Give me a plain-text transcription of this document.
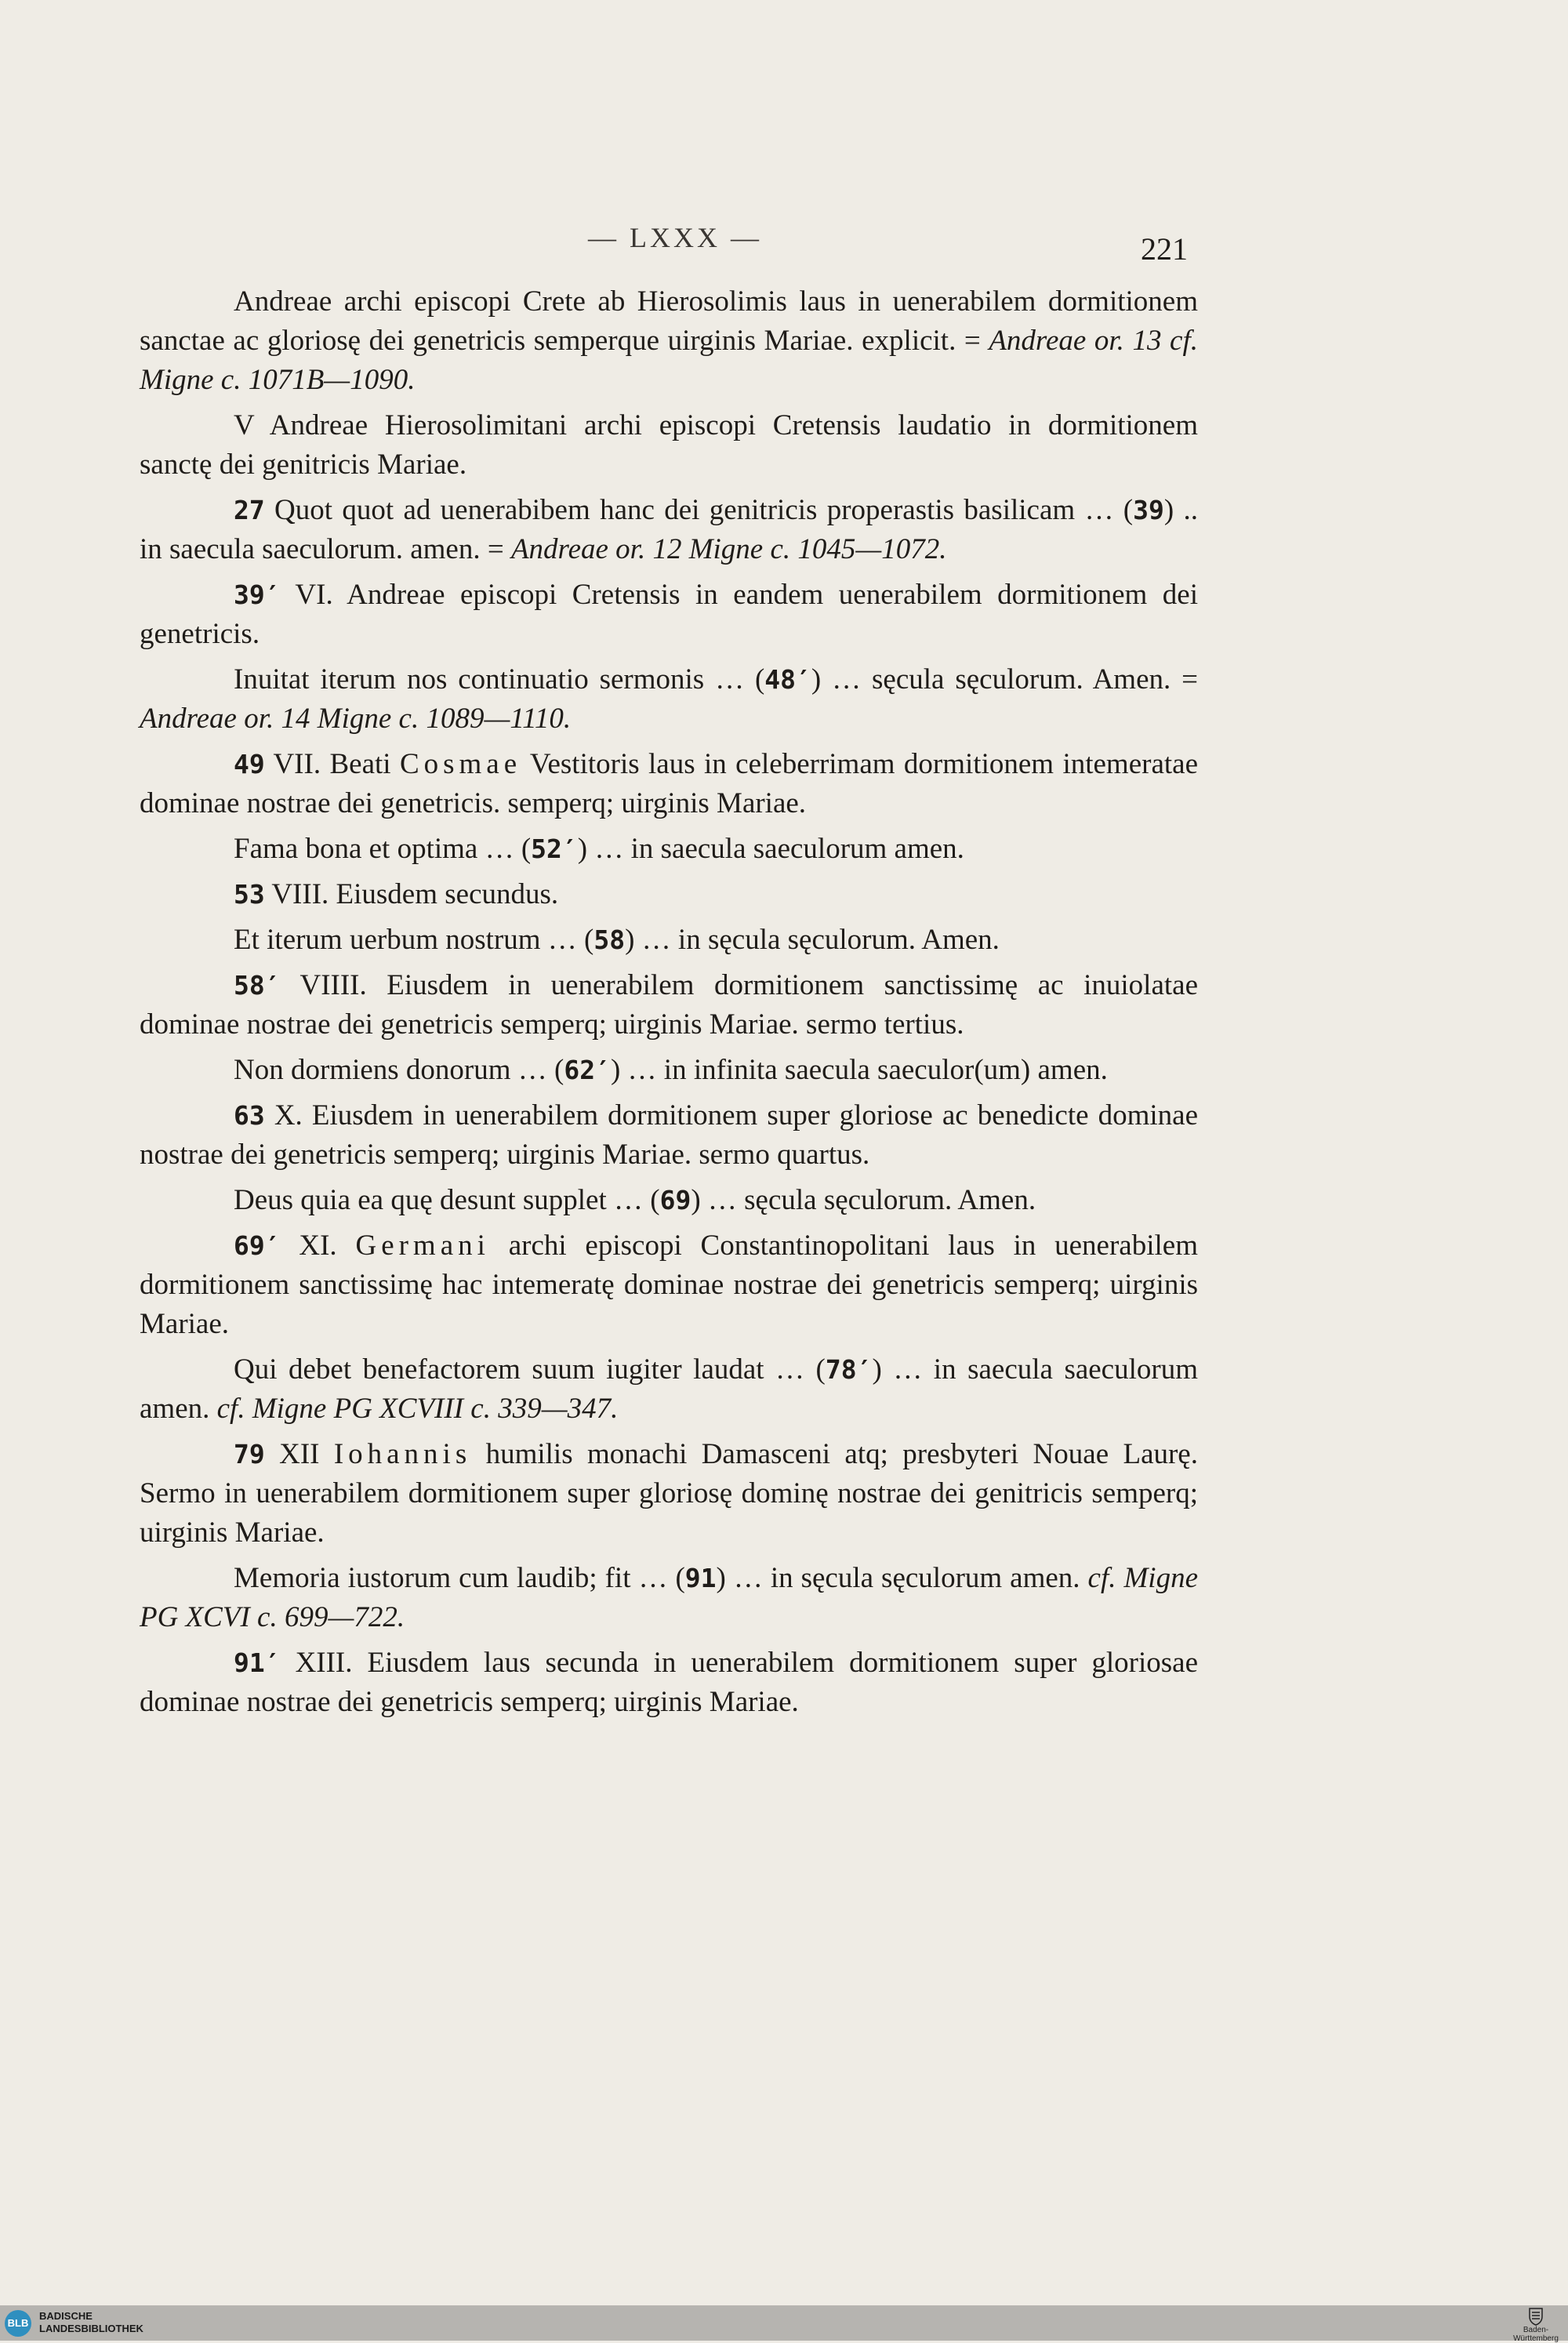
— LXXX —	221

Andreae archi episcopi Crete ab Hierosolimis laus in uenerabilem dormitionem sanctae ac gloriosę dei genetricis semperque uirginis Mariae. explicit. = Andreae or. 13 cf. Migne c. 1071B—1090.

V Andreae Hierosolimitani archi episcopi Cretensis laudatio in dormitionem sanctę dei genitricis Mariae.

27 Quot quot ad uenerabibem hanc dei genitricis properastis basilicam … (39) .. in saecula saeculorum. amen. = Andreae or. 12 Migne c. 1045—1072.

39′ VI. Andreae episcopi Cretensis in eandem uenerabilem dormitionem dei genetricis.

Inuitat iterum nos continuatio sermonis … (48′) … sęcula sęculorum. Amen. = Andreae or. 14 Migne c. 1089—1110.

49 VII. Beati Cosmae Vestitoris laus in celeberrimam dormitionem intemeratae dominae nostrae dei genetricis. semperq; uirginis Mariae.

Fama bona et optima … (52′) … in saecula saeculorum amen.

53 VIII. Eiusdem secundus.

Et iterum uerbum nostrum … (58) … in sęcula sęculorum. Amen.

58′ VIIII. Eiusdem in uenerabilem dormitionem sanctissimę ac inuiolatae dominae nostrae dei genetricis semperq; uirginis Mariae. sermo tertius.

Non dormiens donorum … (62′) … in infinita saecula saeculor(um) amen.

63 X. Eiusdem in uenerabilem dormitionem super gloriose ac benedicte dominae nostrae dei genetricis semperq; uirginis Mariae. sermo quartus.

Deus quia ea quę desunt supplet … (69) … sęcula sęculorum. Amen.

69′ XI. Germani archi episcopi Constantinopolitani laus in uenerabilem dormitionem sanctissimę hac intemeratę dominae nostrae dei genetricis semperq; uirginis Mariae.

Qui debet benefactorem suum iugiter laudat … (78′) … in saecula saeculorum amen. cf. Migne PG XCVIII c. 339—347.

79 XII Iohannis humilis monachi Damasceni atq; presbyteri Nouae Laurę. Sermo in uenerabilem dormitionem super gloriosę dominę nostrae dei genitricis semperq; uirginis Mariae.

Memoria iustorum cum laudib; fit … (91) … in sęcula sęculorum amen. cf. Migne PG XCVI c. 699—722.

91′ XIII. Eiusdem laus secunda in uenerabilem dormitionem super gloriosae dominae nostrae dei genetricis semperq; uirginis Mariae.

BLB
BADISCHE
LANDESBIBLIOTHEK	Baden-Württemberg
